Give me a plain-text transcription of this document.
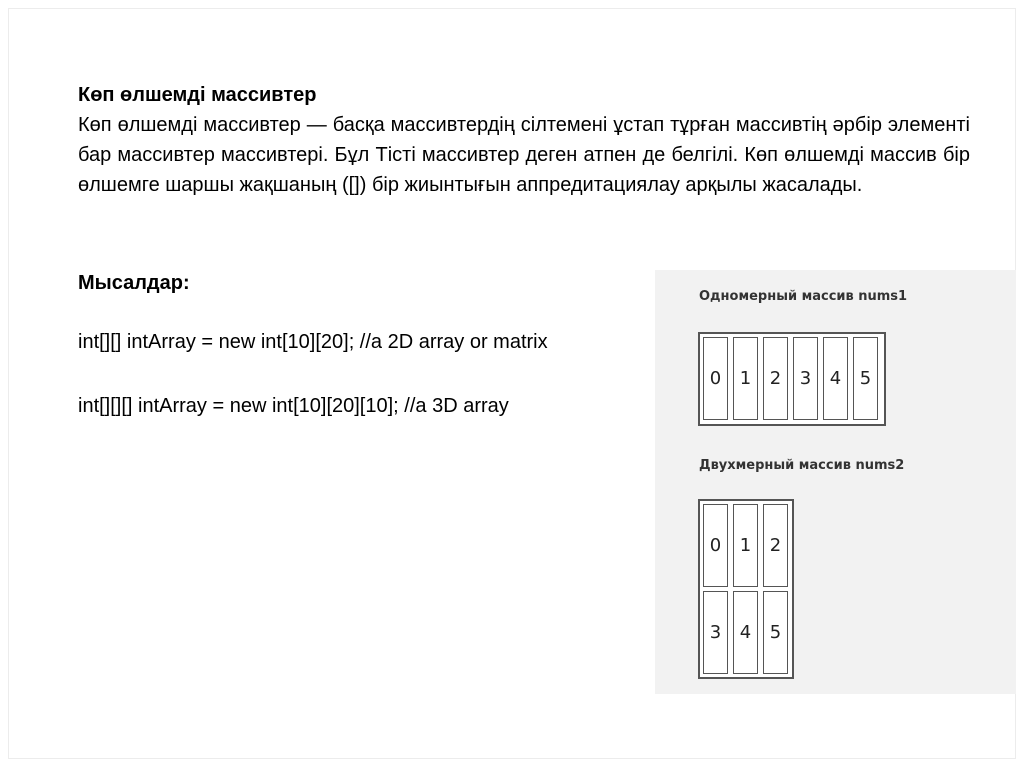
Көп өлшемді массивтер
Көп өлшемді массивтер — басқа массивтердің сілтемені ұстап тұрған массивтің әрбір элементі бар массивтер массивтері. Бұл Тісті массивтер деген атпен де белгілі. Көп өлшемді массив бір өлшемге шаршы жақшаның ([]) бір жиынтығын аппредитациялау арқылы жасалады.
Мысалдар:
int[][] intArray = new int[10][20]; //a 2D array or matrix
int[][][] intArray = new int[10][20][10]; //a 3D array
Одномерный массив nums1
0	1	2	3	4	5
Двухмерный массив nums2
0	1	2
3	4	5
